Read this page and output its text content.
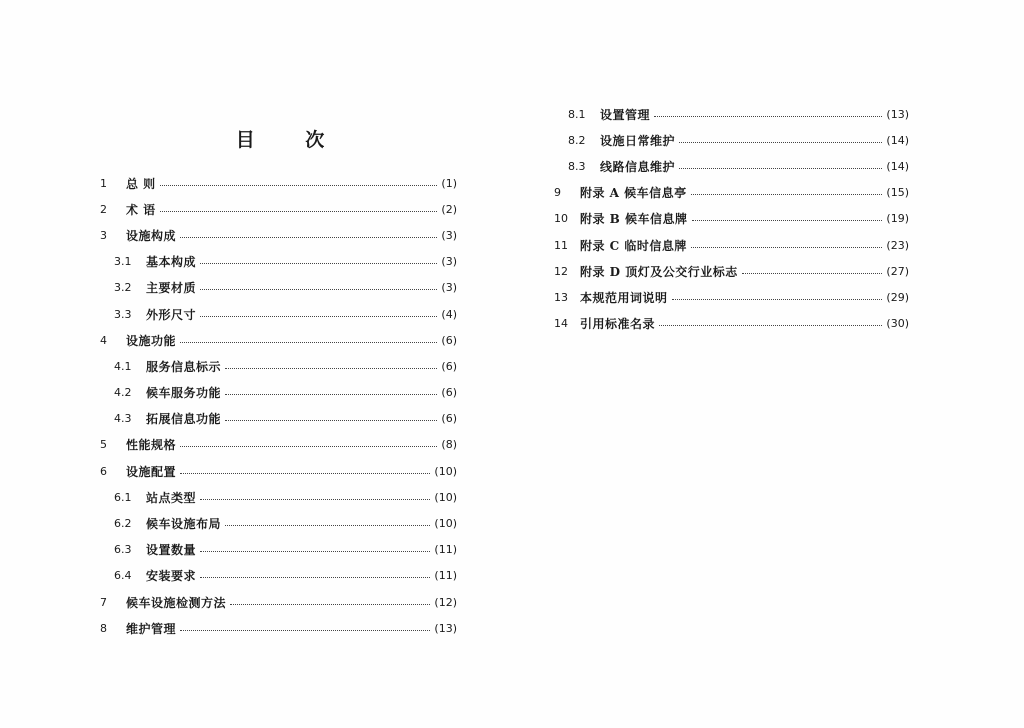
目 次
1	总 则	(1)
2	术 语	(2)
3	设施构成	(3)
3.1	基本构成	(3)
3.2	主要材质	(3)
3.3	外形尺寸	(4)
4	设施功能	(6)
4.1	服务信息标示	(6)
4.2	候车服务功能	(6)
4.3	拓展信息功能	(6)
5	性能规格	(8)
6	设施配置	(10)
6.1	站点类型	(10)
6.2	候车设施布局	(10)
6.3	设置数量	(11)
6.4	安装要求	(11)
7	候车设施检测方法	(12)
8	维护管理	(13)
8.1	设置管理	(13)
8.2	设施日常维护	(14)
8.3	线路信息维护	(14)
9	附录 A 候车信息亭	(15)
10	附录 B 候车信息牌	(19)
11	附录 C 临时信息牌	(23)
12	附录 D 顶灯及公交行业标志	(27)
13	本规范用词说明	(29)
14	引用标准名录	(30)
